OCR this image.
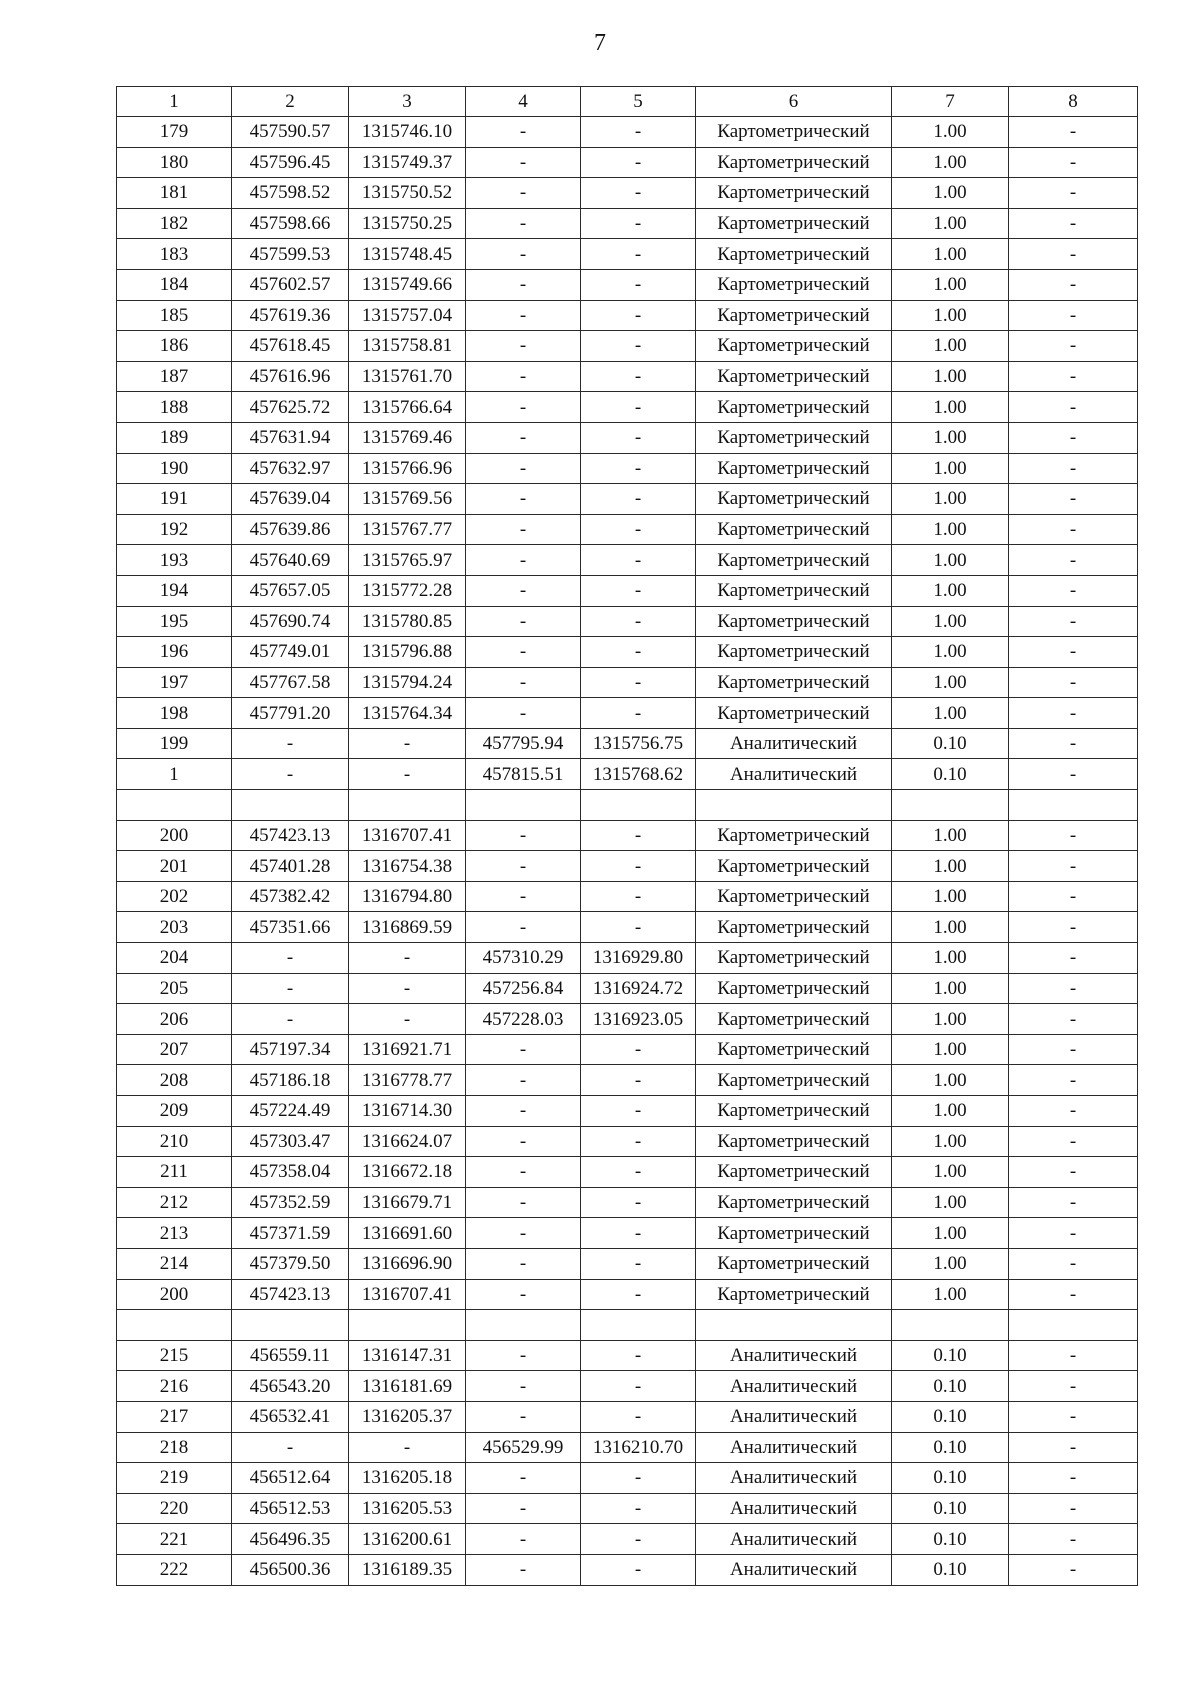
7
1	2	3	4	5	6	7	8
179	457590.57	1315746.10	-	-	Картометрический	1.00	-
180	457596.45	1315749.37	-	-	Картометрический	1.00	-
181	457598.52	1315750.52	-	-	Картометрический	1.00	-
182	457598.66	1315750.25	-	-	Картометрический	1.00	-
183	457599.53	1315748.45	-	-	Картометрический	1.00	-
184	457602.57	1315749.66	-	-	Картометрический	1.00	-
185	457619.36	1315757.04	-	-	Картометрический	1.00	-
186	457618.45	1315758.81	-	-	Картометрический	1.00	-
187	457616.96	1315761.70	-	-	Картометрический	1.00	-
188	457625.72	1315766.64	-	-	Картометрический	1.00	-
189	457631.94	1315769.46	-	-	Картометрический	1.00	-
190	457632.97	1315766.96	-	-	Картометрический	1.00	-
191	457639.04	1315769.56	-	-	Картометрический	1.00	-
192	457639.86	1315767.77	-	-	Картометрический	1.00	-
193	457640.69	1315765.97	-	-	Картометрический	1.00	-
194	457657.05	1315772.28	-	-	Картометрический	1.00	-
195	457690.74	1315780.85	-	-	Картометрический	1.00	-
196	457749.01	1315796.88	-	-	Картометрический	1.00	-
197	457767.58	1315794.24	-	-	Картометрический	1.00	-
198	457791.20	1315764.34	-	-	Картометрический	1.00	-
199	-	-	457795.94	1315756.75	Аналитический	0.10	-
1	-	-	457815.51	1315768.62	Аналитический	0.10	-

200	457423.13	1316707.41	-	-	Картометрический	1.00	-
201	457401.28	1316754.38	-	-	Картометрический	1.00	-
202	457382.42	1316794.80	-	-	Картометрический	1.00	-
203	457351.66	1316869.59	-	-	Картометрический	1.00	-
204	-	-	457310.29	1316929.80	Картометрический	1.00	-
205	-	-	457256.84	1316924.72	Картометрический	1.00	-
206	-	-	457228.03	1316923.05	Картометрический	1.00	-
207	457197.34	1316921.71	-	-	Картометрический	1.00	-
208	457186.18	1316778.77	-	-	Картометрический	1.00	-
209	457224.49	1316714.30	-	-	Картометрический	1.00	-
210	457303.47	1316624.07	-	-	Картометрический	1.00	-
211	457358.04	1316672.18	-	-	Картометрический	1.00	-
212	457352.59	1316679.71	-	-	Картометрический	1.00	-
213	457371.59	1316691.60	-	-	Картометрический	1.00	-
214	457379.50	1316696.90	-	-	Картометрический	1.00	-
200	457423.13	1316707.41	-	-	Картометрический	1.00	-

215	456559.11	1316147.31	-	-	Аналитический	0.10	-
216	456543.20	1316181.69	-	-	Аналитический	0.10	-
217	456532.41	1316205.37	-	-	Аналитический	0.10	-
218	-	-	456529.99	1316210.70	Аналитический	0.10	-
219	456512.64	1316205.18	-	-	Аналитический	0.10	-
220	456512.53	1316205.53	-	-	Аналитический	0.10	-
221	456496.35	1316200.61	-	-	Аналитический	0.10	-
222	456500.36	1316189.35	-	-	Аналитический	0.10	-
